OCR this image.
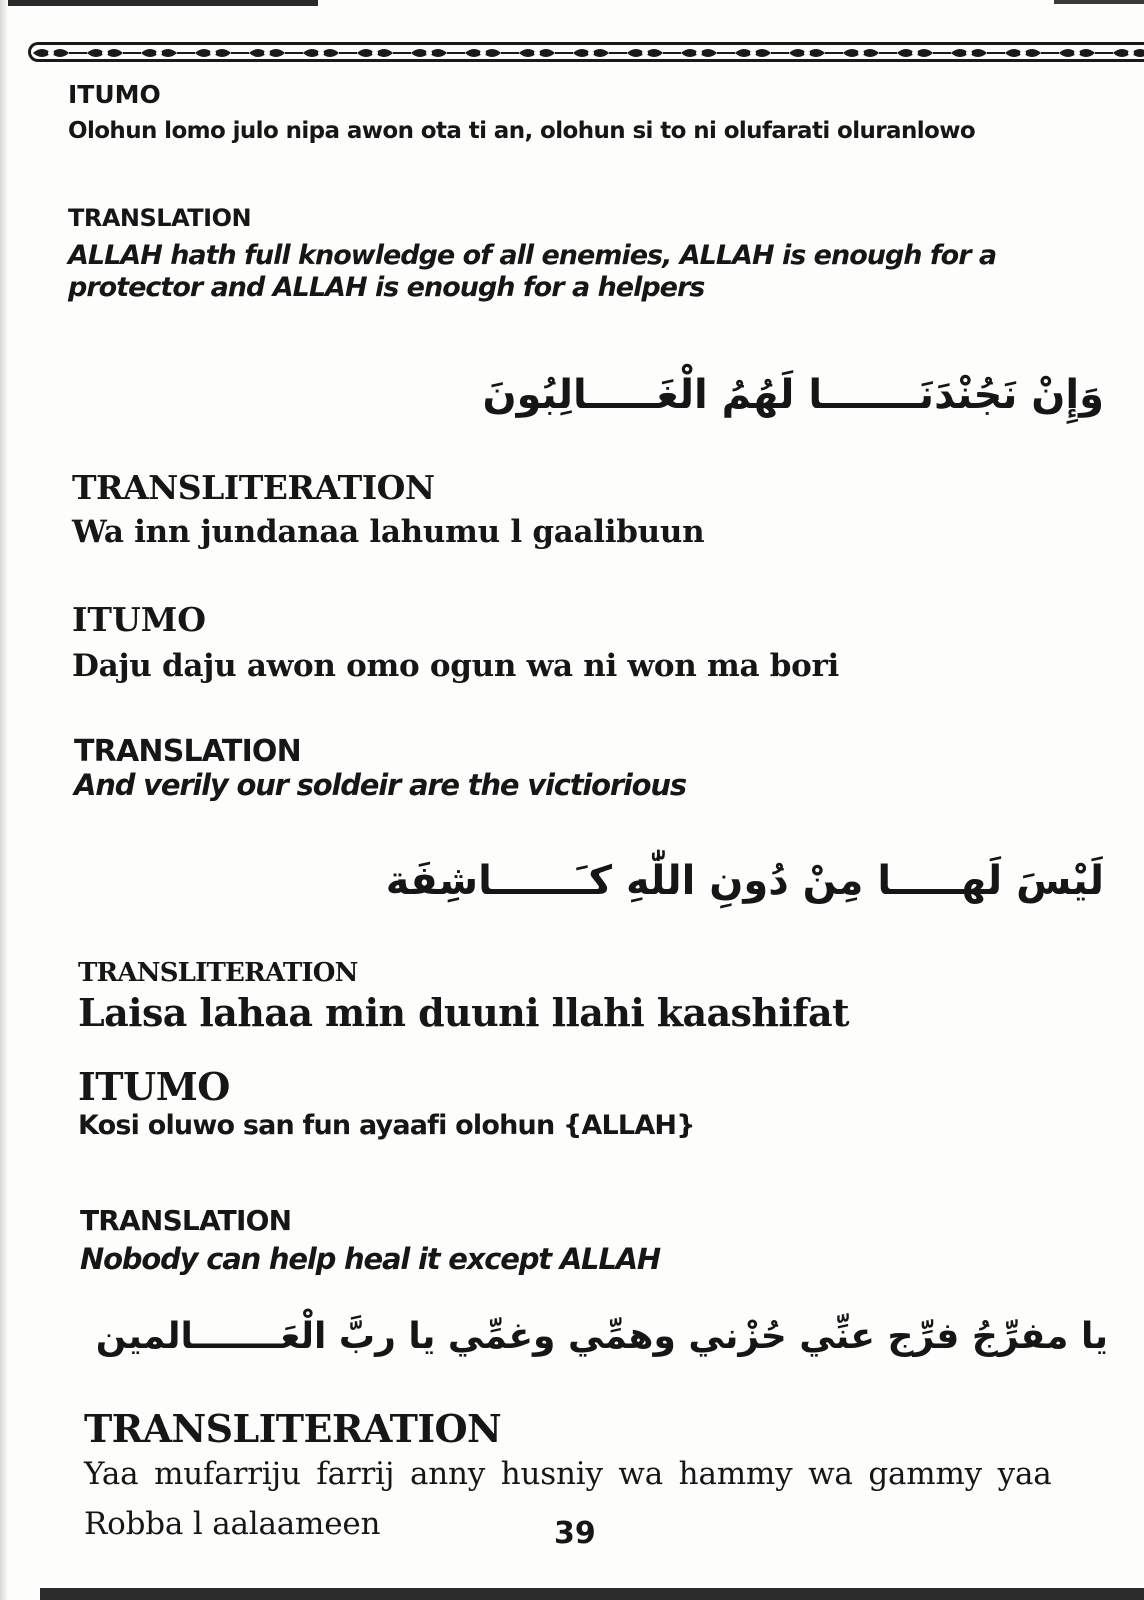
ITUMO

Olohun lomo julo nipa awon ota ti an, olohun si to ni olufarati oluranlowo

TRANSLATION

ALLAH hath full knowledge of all enemies, ALLAH is enough for a

protector and ALLAH is enough for a helpers

وَإِنْ نَجُنْدَنَـــــــا لَهُمُ الْغَـــــالِبُونَ

TRANSLITERATION

Wa inn jundanaa lahumu l gaalibuun

ITUMO

Daju daju awon omo ogun wa ni won ma bori

TRANSLATION

And verily our soldeir are the victiorious

لَيْسَ لَهـــــا مِنْ دُونِ اللّٰهِ كـَــــــاشِفَة

TRANSLITERATION

Laisa lahaa min duuni llahi kaashifat

ITUMO

Kosi oluwo san fun ayaafi olohun {ALLAH}

TRANSLATION

Nobody can help heal it except ALLAH

يا مفرِّجُ فرِّج عنِّي حُزْني وهمِّي وغمِّي يا ربَّ الْعَـــــــالمين

TRANSLITERATION

Yaa mufarriju farrij anny husniy wa hammy wa gammy yaa

Robba l aalaameen	39
